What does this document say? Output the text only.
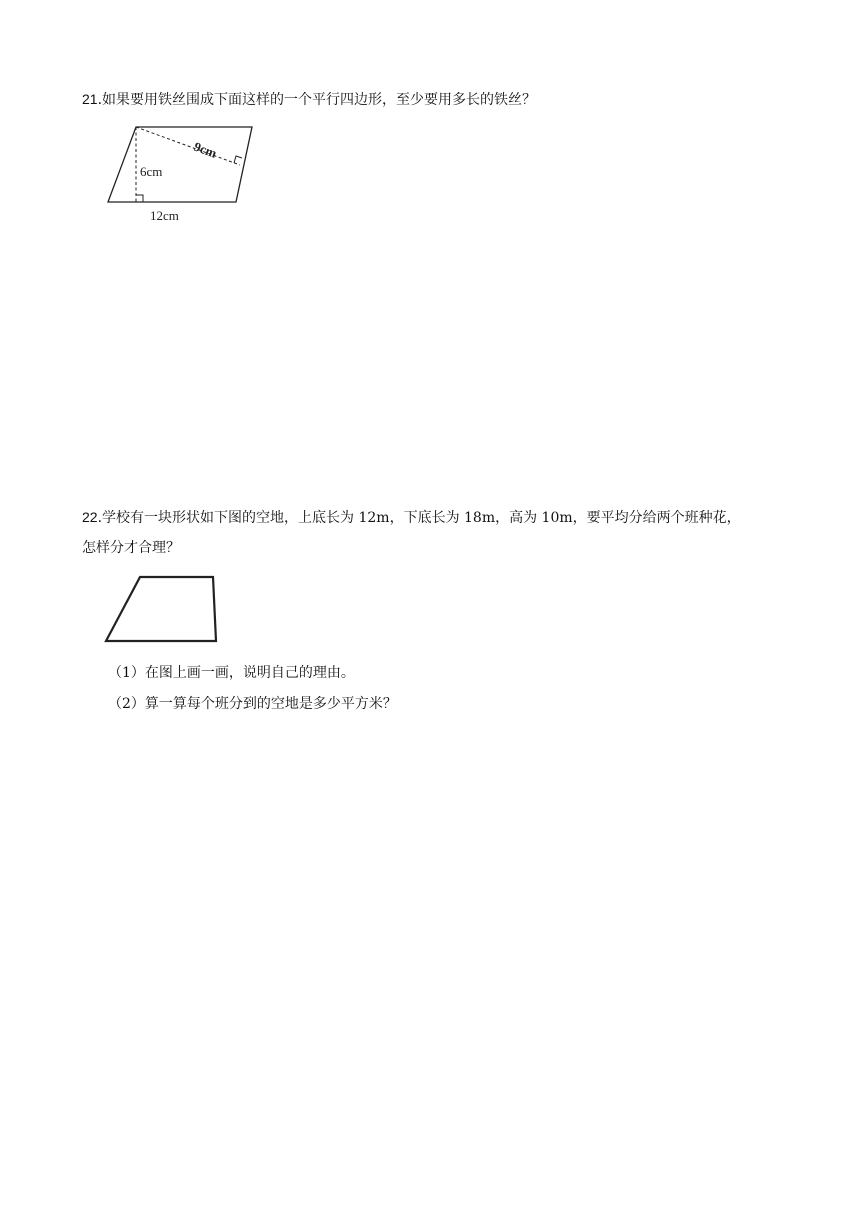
21.如果要用铁丝围成下面这样的一个平行四边形，至少要用多长的铁丝？
9cm
6cm
12cm
22.学校有一块形状如下图的空地，上底长为 12m，下底长为 18m，高为 10m，要平均分给两个班种花，
怎样分才合理？
（1）在图上画一画，说明自己的理由。
（2）算一算每个班分到的空地是多少平方米？
